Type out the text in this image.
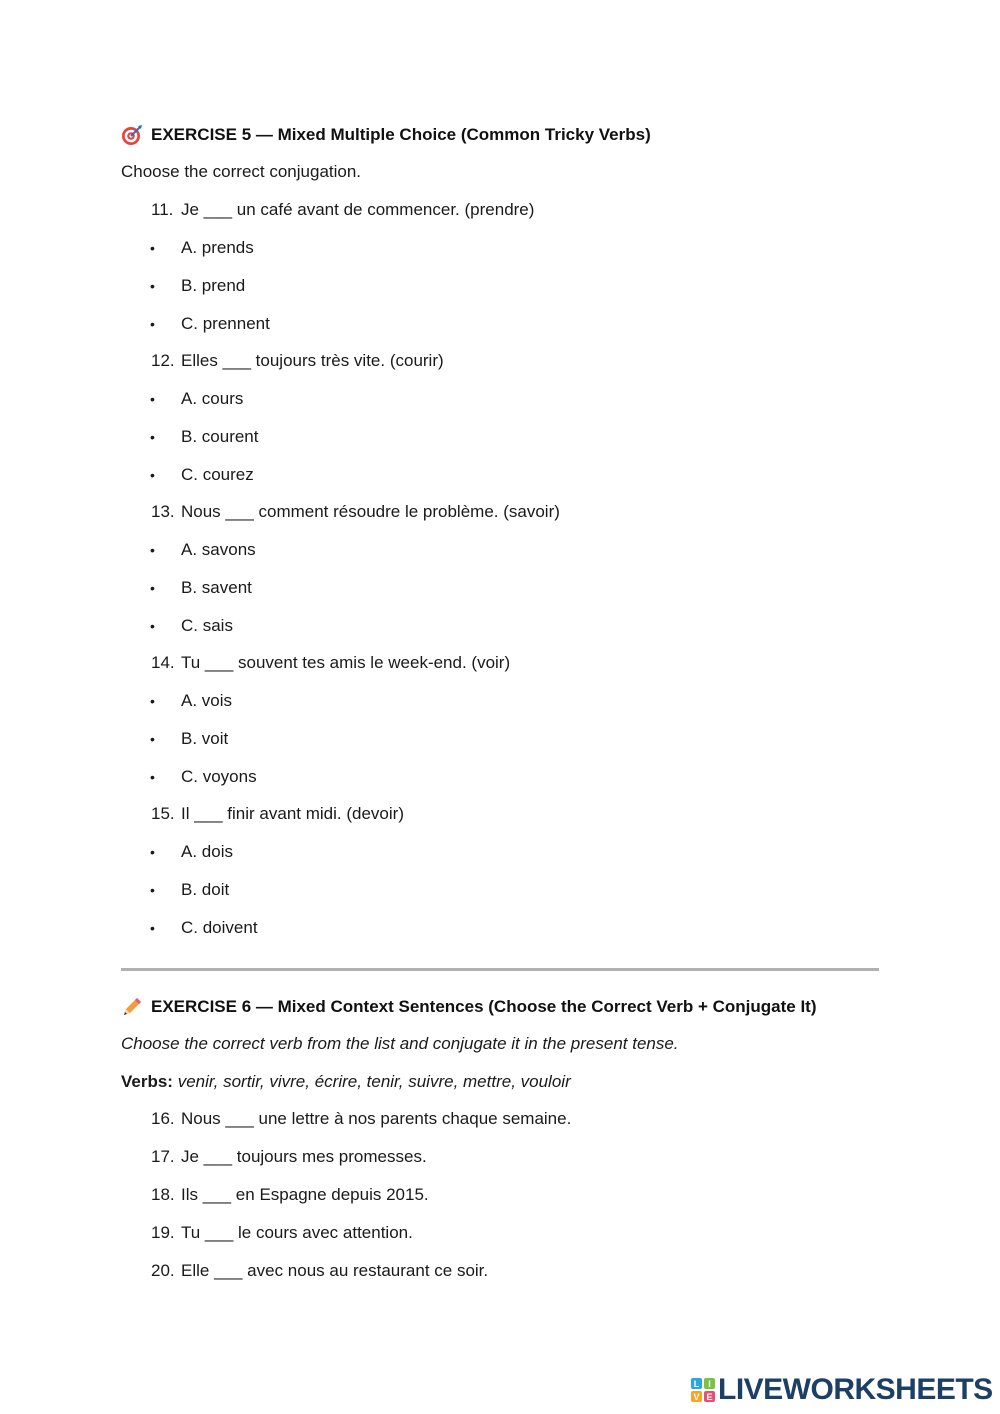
EXERCISE 5 — Mixed Multiple Choice (Common Tricky Verbs)
Choose the correct conjugation.
11. Je ___ un café avant de commencer. (prendre)
• A. prends
• B. prend
• C. prennent
12. Elles ___ toujours très vite. (courir)
• A. cours
• B. courent
• C. courez
13. Nous ___ comment résoudre le problème. (savoir)
• A. savons
• B. savent
• C. sais
14. Tu ___ souvent tes amis le week-end. (voir)
• A. vois
• B. voit
• C. voyons
15. Il ___ finir avant midi. (devoir)
• A. dois
• B. doit
• C. doivent
EXERCISE 6 — Mixed Context Sentences (Choose the Correct Verb + Conjugate It)
Choose the correct verb from the list and conjugate it in the present tense.
Verbs: venir, sortir, vivre, écrire, tenir, suivre, mettre, vouloir
16. Nous ___ une lettre à nos parents chaque semaine.
17. Je ___ toujours mes promesses.
18. Ils ___ en Espagne depuis 2015.
19. Tu ___ le cours avec attention.
20. Elle ___ avec nous au restaurant ce soir.
L I
V E LIVEWORKSHEETS
